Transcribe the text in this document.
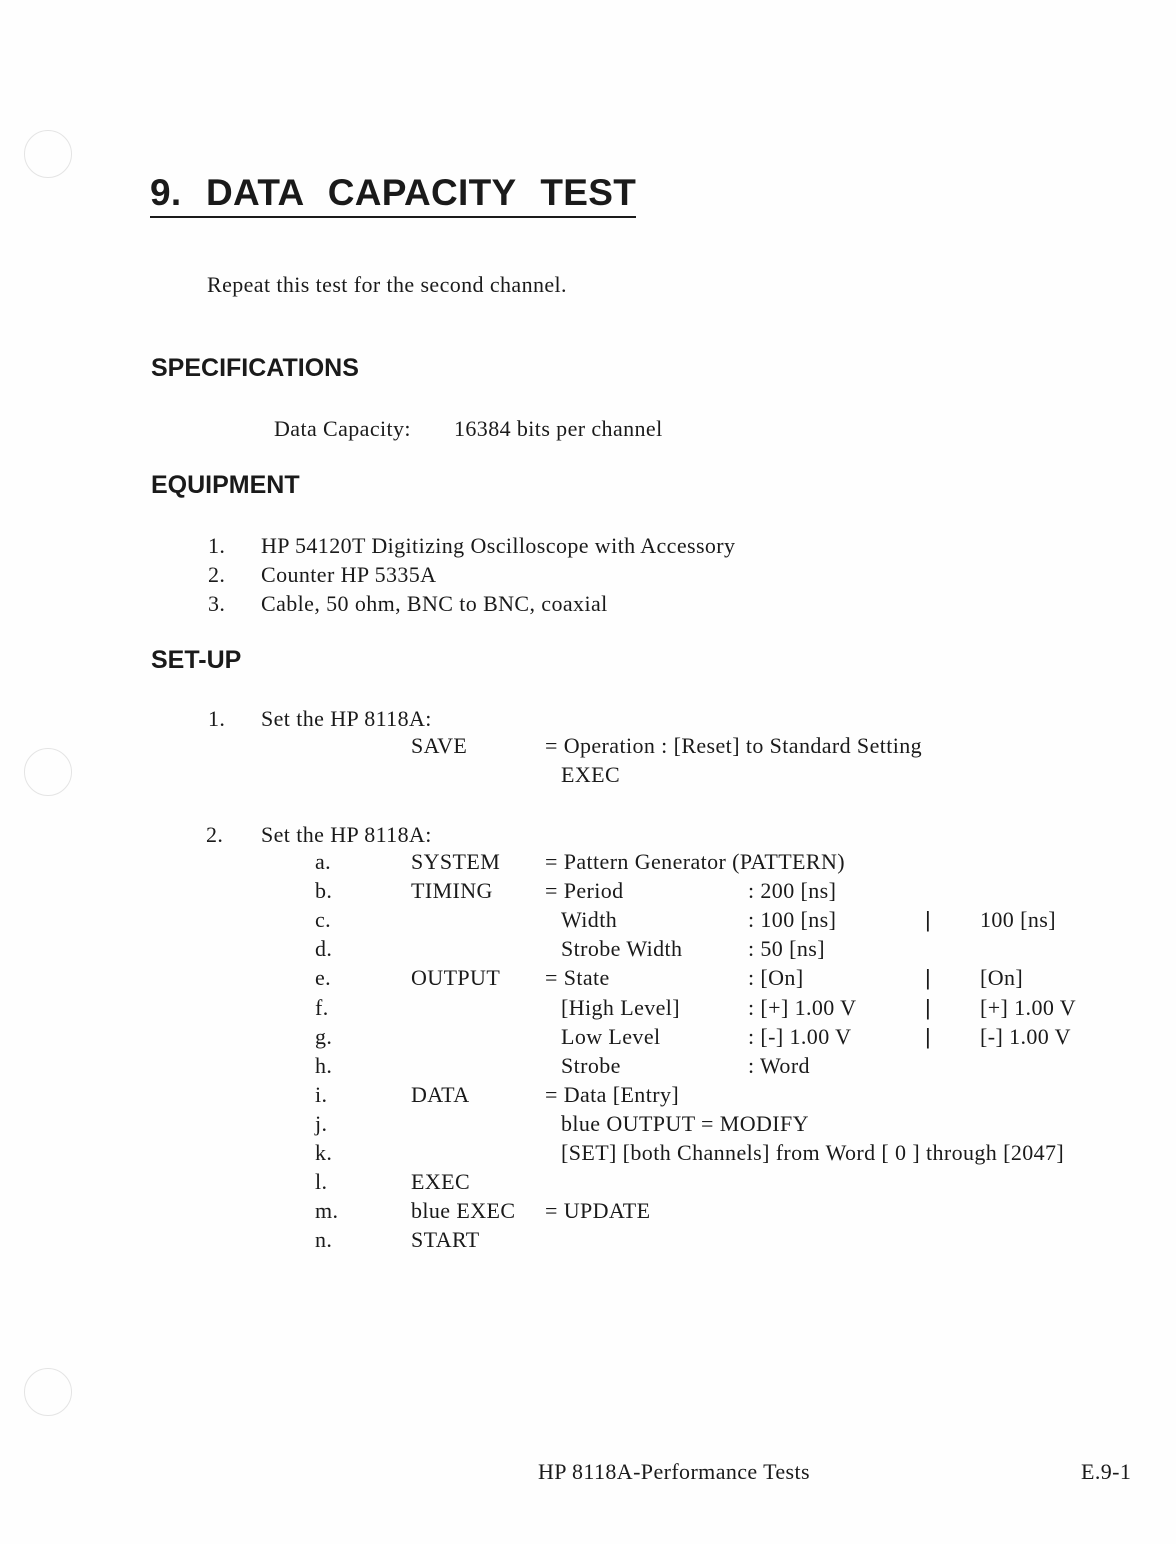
9. DATA CAPACITY TEST
Repeat this test for the second channel.
SPECIFICATIONS
Data Capacity: 16384 bits per channel
EQUIPMENT
1. HP 54120T Digitizing Oscilloscope with Accessory
2. Counter HP 5335A
3. Cable, 50 ohm, BNC to BNC, coaxial
SET-UP
1. Set the HP 8118A:
SAVE	= Operation : [Reset] to Standard Setting
EXEC
2. Set the HP 8118A:
a.	SYSTEM = Pattern Generator (PATTERN)
b.	TIMING = Period	: 200 [ns]
c.	Width	: 100 [ns]	| 100 [ns]
d.	Strobe Width	: 50 [ns]
e.	OUTPUT = State	: [On]	| [On]
f.	[High Level]	: [+] 1.00 V	| [+] 1.00 V
g.	Low Level	: [-] 1.00 V	| [-] 1.00 V
h.	Strobe	: Word
i.	DATA	= Data [Entry]
j.	blue OUTPUT = MODIFY
k.	[SET] [both Channels] from Word [ 0 ] through [2047]
l.	EXEC
m.	blue EXEC = UPDATE
n.	START
HP 8118A-Performance Tests	E.9-1
